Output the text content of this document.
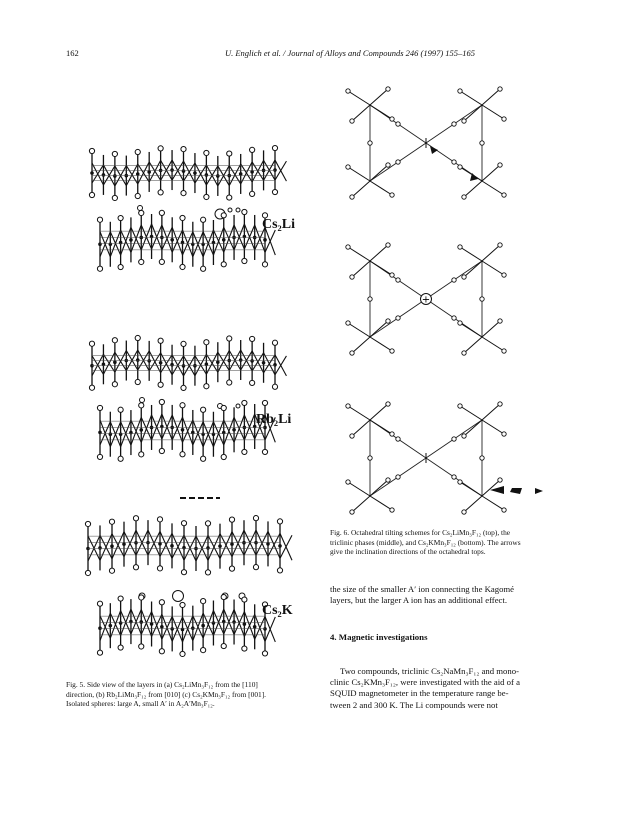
162	U. Englich et al. / Journal of Alloys and Compounds 246 (1997) 155–165
Cs₂Li
Rb₂Li
Cs₂K
Fig. 5. Side view of the layers in (a) Cs₂LiMn₃F₁₂ from the [110]
direction, (b) Rb₂LiMn₃F₁₂ from [010] (c) Cs₂KMn₃F₁₂ from [001].
Isolated spheres: large A, small A′ in A₂A′Mn₃F₁₂.
+
Fig. 6. Octahedral tilting schemes for Cs₂LiMn₃F₁₂ (top), the
triclinic phases (middle), and Cs₂KMn₃F₁₂ (bottom). The arrows
give the inclination directions of the octahedral tops.
the size of the smaller A′ ion connecting the Kagomé
layers, but the larger A ion has an additional effect.
4. Magnetic investigations
Two compounds, triclinic Cs₂NaMn₃F₁₂ and mono-
clinic Cs₂KMn₃F₁₂, were investigated with the aid of a
SQUID magnetometer in the temperature range be-
tween 2 and 300 K. The Li compounds were not
